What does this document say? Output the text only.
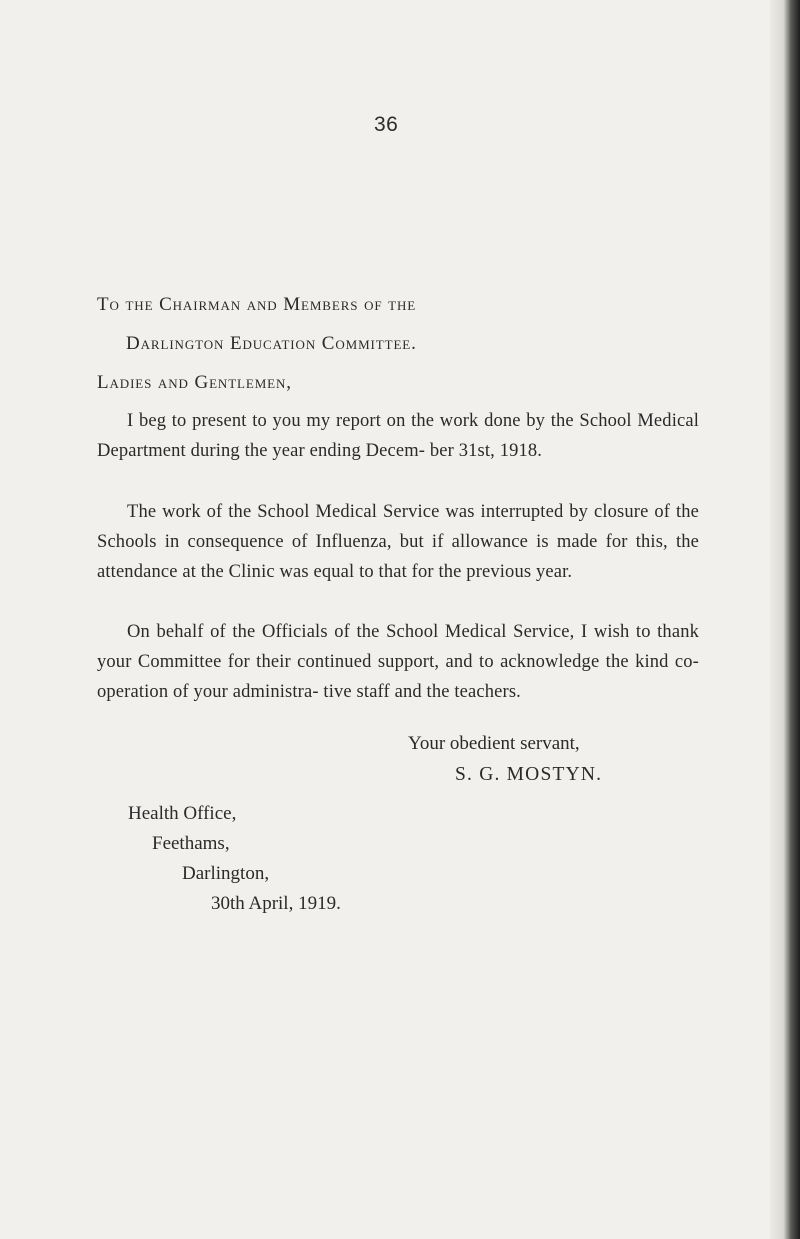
36
To the Chairman and Members of the
Darlington Education Committee.
Ladies and Gentlemen,

I beg to present to you my report on the work done by the School Medical Department during the year ending Decem- ber 31st, 1918.

The work of the School Medical Service was interrupted by closure of the Schools in consequence of Influenza, but if allowance is made for this, the attendance at the Clinic was equal to that for the previous year.

On behalf of the Officials of the School Medical Service, I wish to thank your Committee for their continued support, and to acknowledge the kind co-operation of your administra- tive staff and the teachers.

Your obedient servant,
S. G. MOSTYN.
Health Office,
Feethams,
Darlington,
30th April, 1919.
